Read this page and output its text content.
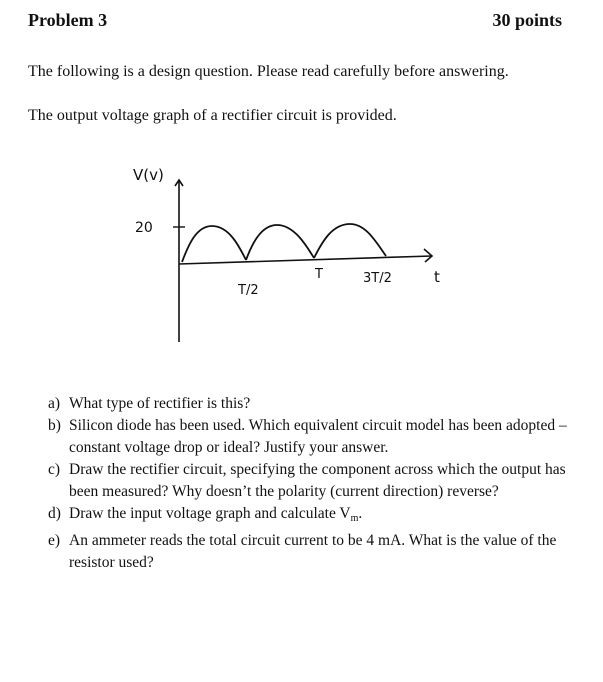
Problem 3	30 points
The following is a design question. Please read carefully before answering.
The output voltage graph of a rectifier circuit is provided.
V(v)
20
T/2
T	3T/2	t
a) What type of rectifier is this?
b) Silicon diode has been used. Which equivalent circuit model has been adopted – constant voltage drop or ideal? Justify your answer.
c) Draw the rectifier circuit, specifying the component across which the output has been measured? Why doesn’t the polarity (current direction) reverse?
d) Draw the input voltage graph and calculate $V_m$.
e) An ammeter reads the total circuit current to be 4 mA. What is the value of the resistor used?
